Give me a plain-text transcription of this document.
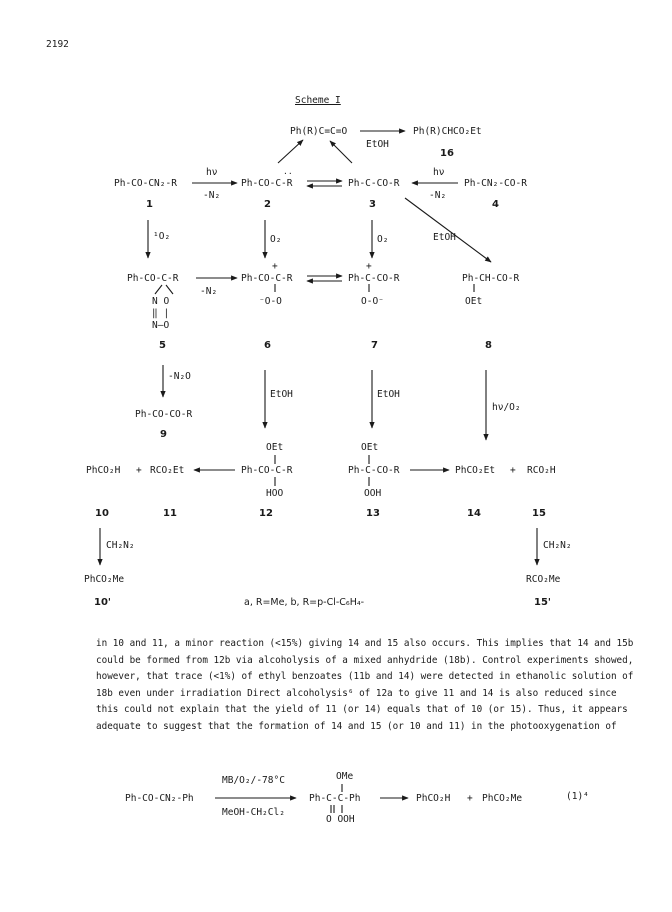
2192
Scheme I
Ph(R)C=C=O
EtOH
Ph(R)CHCO₂Et
16
hν	hν
Ph-CO-CN₂-R
··
Ph-CO-C-R	Ph-C-CO-R	Ph-CN₂-CO-R
-N₂	-N₂
1	2	3	4
¹O₂	O₂	O₂	EtOH
+	+
Ph-CO-C-R	Ph-CO-C-R	Ph-C-CO-R	Ph-CH-CO-R
-N₂
N O
‖ |
N—O
⁻O-O	O-O⁻	OEt
5	6	7	8
-N₂O
EtOH	EtOH
hν/O₂
Ph-CO-CO-R
9
OEt	OEt
PhCO₂H + RCO₂Et	Ph-CO-C-R	Ph-C-CO-R	PhCO₂Et + RCO₂H
HOO	OOH
10	11	12	13	14	15
CH₂N₂	CH₂N₂
PhCO₂Me	RCO₂Me
10'	15'
a, R=Me, b, R=p-Cl-C₆H₄-
in 10 and 11, a minor reaction (<15%) giving 14 and 15 also occurs. This implies that 14 and 15b
could be formed from 12b via alcoholysis of a mixed anhydride (18b). Control experiments showed,
however, that trace (<1%) of ethyl benzoates (11b and 14) were detected in ethanolic solution of
18b even under irradiation Direct alcoholysis⁶ of 12a to give 11 and 14 is also reduced since
this could not explain that the yield of 11 (or 14) equals that of 10 (or 15). Thus, it appears
adequate to suggest that the formation of 14 and 15 (or 10 and 11) in the photooxygenation of
MB/O₂/-78°C	OMe
Ph-CO-CN₂-Ph	Ph-C-C-Ph	PhCO₂H + PhCO₂Me	(1)⁴
MeOH-CH₂Cl₂
O OOH
